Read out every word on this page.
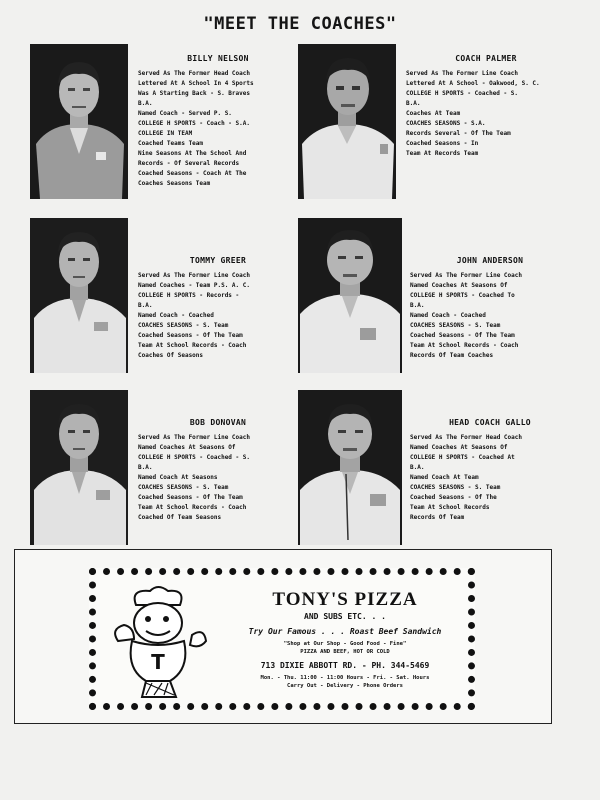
"MEET THE COACHES"
BILLY NELSON
Served As The Former Head Coach
Lettered At A School In 4 Sports
Was A Starting Back - S. Braves
B.A.
Named Coach - Served P. S.
COLLEGE H SPORTS - Coach - S.A.
COLLEGE IN TEAM
Coached Teams Team
Nine Seasons At The School And
Records - Of Several Records
Coached Seasons - Coach At The
Coaches Seasons Team
COACH PALMER
Served As The Former Line Coach
Lettered At A School - Oakwood, S. C.
COLLEGE H SPORTS - Coached - S.
B.A.
Coaches At Team
COACHES SEASONS - S.A.
Records Several - Of The Team
Coached Seasons - In
Team At Records Team
TOMMY GREER
Served As The Former Line Coach
Named Coaches - Team P.S. A. C.
COLLEGE H SPORTS - Records -
B.A.
Named Coach - Coached
COACHES SEASONS - S. Team
Coached Seasons - Of The Team
Team At School Records - Coach
Coaches Of Seasons
JOHN ANDERSON
Served As The Former Line Coach
Named Coaches At Seasons Of
COLLEGE H SPORTS - Coached To
B.A.
Named Coach - Coached
COACHES SEASONS - S. Team
Coached Seasons - Of The Team
Team At School Records - Coach
Records Of Team Coaches
BOB DONOVAN
Served As The Former Line Coach
Named Coaches At Seasons Of
COLLEGE H SPORTS - Coached - S.
B.A.
Named Coach At Seasons
COACHES SEASONS - S. Team
Coached Seasons - Of The Team
Team At School Records - Coach
Coached Of Team Seasons
HEAD COACH GALLO
Served As The Former Head Coach
Named Coaches At Seasons Of
COLLEGE H SPORTS - Coached At
B.A.
Named Coach At Team
COACHES SEASONS - S. Team
Coached Seasons - Of The
Team At School Records
Records Of Team
T
TONY'S PIZZA
AND SUBS ETC. . .
Try Our Famous . . . Roast Beef Sandwich
"Shop at Our Shop - Good Food - Fine"
PIZZA AND BEEF, HOT OR COLD
713 DIXIE ABBOTT RD. - PH. 344-5469
Mon. - Thu. 11:00 - 11:00 Hours - Fri. - Sat. Hours
Carry Out - Delivery - Phone Orders
